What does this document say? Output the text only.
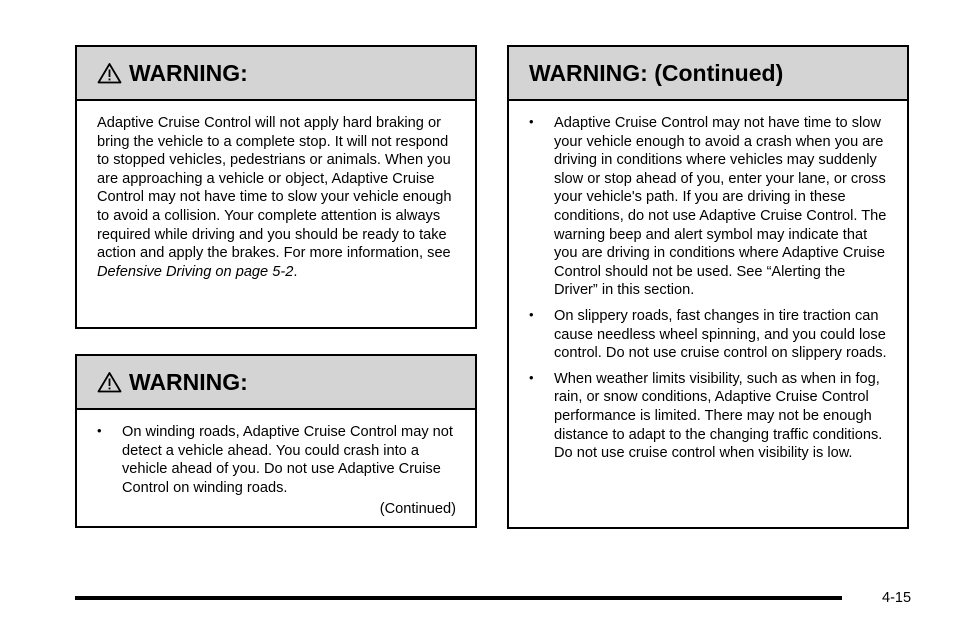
WARNING:

Adaptive Cruise Control will not apply hard braking or bring the vehicle to a complete stop. It will not respond to stopped vehicles, pedestrians or animals. When you are approaching a vehicle or object, Adaptive Cruise Control may not have time to slow your vehicle enough to avoid a collision. Your complete attention is always required while driving and you should be ready to take action and apply the brakes. For more information, see Defensive Driving on page 5-2.

WARNING:
• On winding roads, Adaptive Cruise Control may not detect a vehicle ahead. You could crash into a vehicle ahead of you. Do not use Adaptive Cruise Control on winding roads.
(Continued)
WARNING: (Continued)
• Adaptive Cruise Control may not have time to slow your vehicle enough to avoid a crash when you are driving in conditions where vehicles may suddenly slow or stop ahead of you, enter your lane, or cross your vehicle's path. If you are driving in these conditions, do not use Adaptive Cruise Control. The warning beep and alert symbol may indicate that you are driving in conditions where Adaptive Cruise Control should not be used. See “Alerting the Driver” in this section.
• On slippery roads, fast changes in tire traction can cause needless wheel spinning, and you could lose control. Do not use cruise control on slippery roads.
• When weather limits visibility, such as when in fog, rain, or snow conditions, Adaptive Cruise Control performance is limited. There may not be enough distance to adapt to the changing traffic conditions. Do not use cruise control when visibility is low.
4-15
